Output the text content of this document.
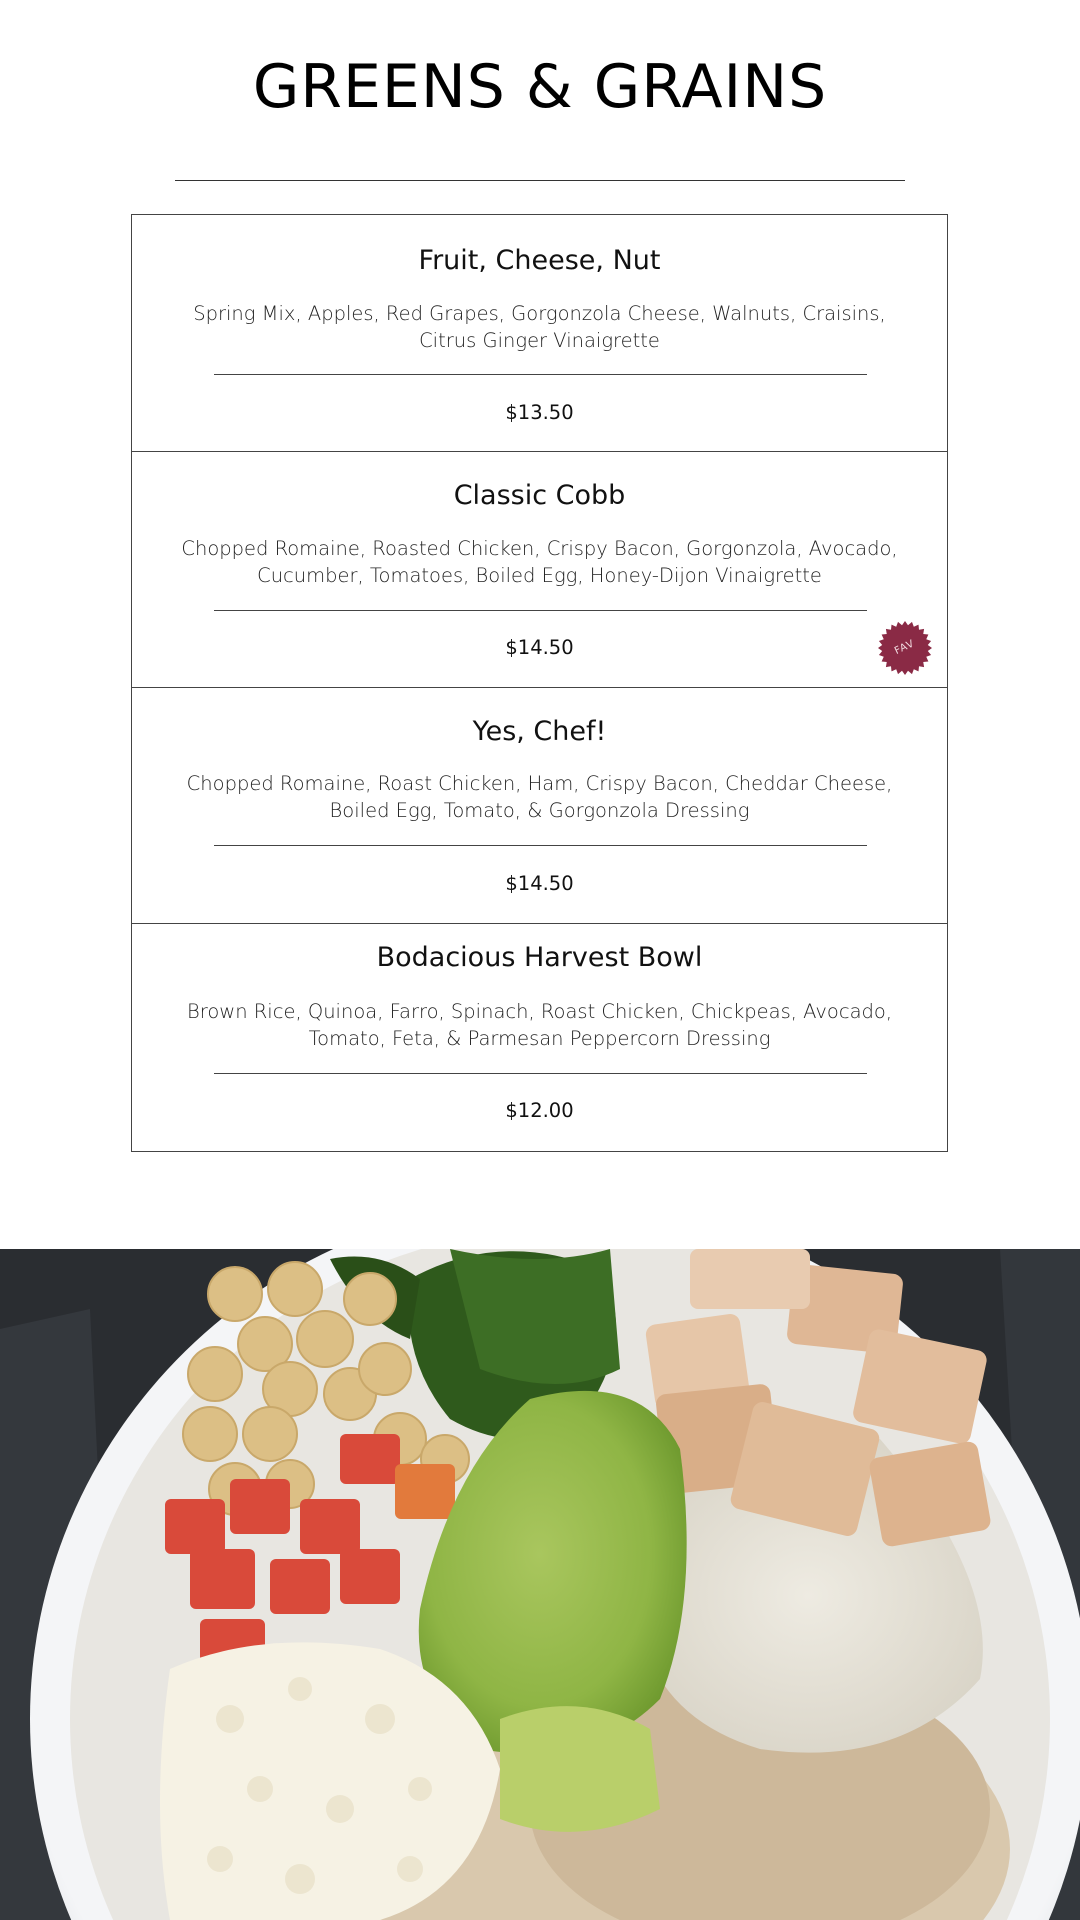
GREENS & GRAINS
Fruit, Cheese, Nut
Spring Mix, Apples, Red Grapes, Gorgonzola Cheese, Walnuts, Craisins, Citrus Ginger Vinaigrette
$13.50
Classic Cobb
Chopped Romaine, Roasted Chicken, Crispy Bacon, Gorgonzola, Avocado, Cucumber, Tomatoes, Boiled Egg, Honey-Dijon Vinaigrette
$14.50	FAV
Yes, Chef!
Chopped Romaine, Roast Chicken, Ham, Crispy Bacon, Cheddar Cheese, Boiled Egg, Tomato, & Gorgonzola Dressing
$14.50
Bodacious Harvest Bowl
Brown Rice, Quinoa, Farro, Spinach, Roast Chicken, Chickpeas, Avocado, Tomato, Feta, & Parmesan Peppercorn Dressing
$12.00
